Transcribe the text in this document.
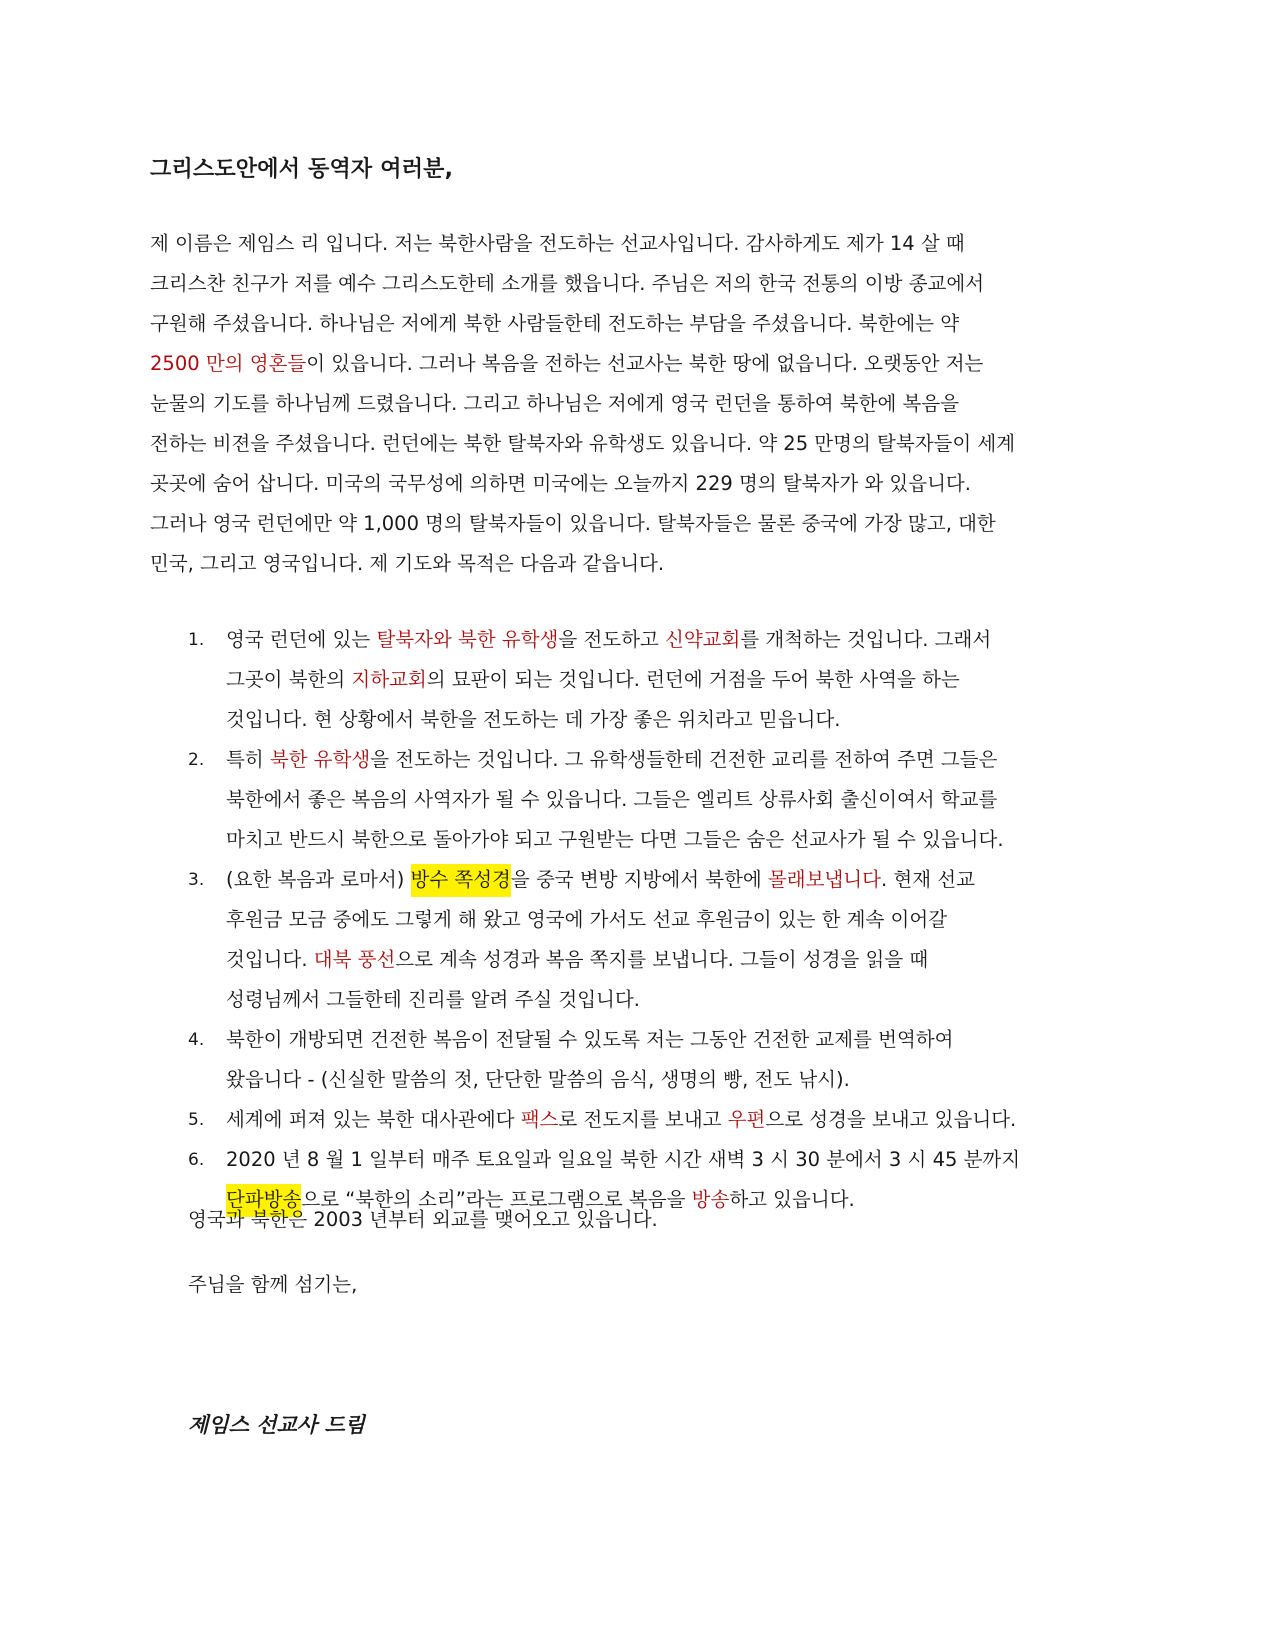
그리스도안에서 동역자 여러분,
제 이름은 제임스 리 입니다. 저는 북한사람을 전도하는 선교사입니다. 감사하게도 제가 14 살 때
크리스찬 친구가 저를 예수 그리스도한테 소개를 했읍니다. 주님은 저의 한국 전통의 이방 종교에서
구원해 주셨읍니다. 하나님은 저에게 북한 사람들한테 전도하는 부담을 주셨읍니다. 북한에는 약
2500 만의 영혼들이 있읍니다. 그러나 복음을 전하는 선교사는 북한 땅에 없읍니다. 오랫동안 저는
눈물의 기도를 하나님께 드렸읍니다. 그리고 하나님은 저에게 영국 런던을 통하여 북한에 복음을
전하는 비젼을 주셨읍니다. 런던에는 북한 탈북자와 유학생도 있읍니다. 약 25 만명의 탈북자들이 세계
곳곳에 숨어 삽니다. 미국의 국무성에 의하면 미국에는 오늘까지 229 명의 탈북자가 와 있읍니다.
그러나 영국 런던에만 약 1,000 명의 탈북자들이 있읍니다. 탈북자들은 물론 중국에 가장 많고, 대한
민국, 그리고 영국입니다. 제 기도와 목적은 다음과 같읍니다.
1. 영국 런던에 있는 탈북자와 북한 유학생을 전도하고 신약교회를 개척하는 것입니다. 그래서
그곳이 북한의 지하교회의 묘판이 되는 것입니다. 런던에 거점을 두어 북한 사역을 하는
것입니다. 현 상황에서 북한을 전도하는 데 가장 좋은 위치라고 믿읍니다.
2. 특히 북한 유학생을 전도하는 것입니다. 그 유학생들한테 건전한 교리를 전하여 주면 그들은
북한에서 좋은 복음의 사역자가 될 수 있읍니다. 그들은 엘리트 상류사회 출신이여서 학교를
마치고 반드시 북한으로 돌아가야 되고 구원받는 다면 그들은 숨은 선교사가 될 수 있읍니다.
3. (요한 복음과 로마서) 방수 쪽성경을 중국 변방 지방에서 북한에 몰래보냅니다. 현재 선교
후원금 모금 중에도 그렇게 해 왔고 영국에 가서도 선교 후원금이 있는 한 계속 이어갈
것입니다. 대북 풍선으로 계속 성경과 복음 쪽지를 보냅니다. 그들이 성경을 읽을 때
성령님께서 그들한테 진리를 알려 주실 것입니다.
4. 북한이 개방되면 건전한 복음이 전달될 수 있도록 저는 그동안 건전한 교제를 번역하여
왔읍니다 - (신실한 말씀의 젓, 단단한 말씀의 음식, 생명의 빵, 전도 낚시).
5. 세계에 퍼져 있는 북한 대사관에다 팩스로 전도지를 보내고 우편으로 성경을 보내고 있읍니다.
6. 2020 년 8 월 1 일부터 매주 토요일과 일요일 북한 시간 새벽 3 시 30 분에서 3 시 45 분까지
단파방송으로 “북한의 소리”라는 프로그램으로 복음을 방송하고 있읍니다.
영국과 북한은 2003 년부터 외교를 맺어오고 있읍니다.
주님을 함께 섬기는,
제임스 선교사 드림
